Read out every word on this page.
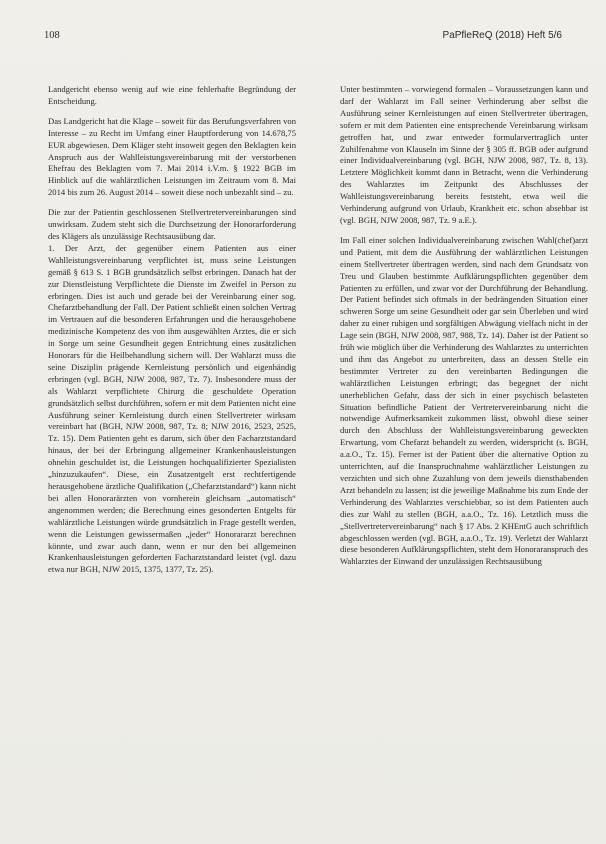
108	PaPfleReQ (2018) Heft 5/6

Landgericht ebenso wenig auf wie eine fehlerhafte Begründung der Entscheidung.

Das Landgericht hat die Klage – soweit für das Berufungsverfahren von Interesse – zu Recht im Umfang einer Hauptforderung von 14.678,75 EUR abgewiesen. Dem Kläger steht insoweit gegen den Beklagten kein Anspruch aus der Wahlleistungsvereinbarung mit der verstorbenen Ehefrau des Beklagten vom 7. Mai 2014 i.V.m. § 1922 BGB im Hinblick auf die wahlärztlichen Leistungen im Zeitraum vom 8. Mai 2014 bis zum 26. August 2014 – soweit diese noch unbezahlt sind – zu.

Die zur der Patientin geschlossenen Stellvertretervereinbarungen sind unwirksam. Zudem steht sich die Durchsetzung der Honorarforderung des Klägers als unzulässige Rechtsausübung dar.

1. Der Arzt, der gegenüber einem Patienten aus einer Wahlleistungsvereinbarung verpflichtet ist, muss seine Leistungen gemäß § 613 S. 1 BGB grundsätzlich selbst erbringen. Danach hat der zur Dienstleistung Verpflichtete die Dienste im Zweifel in Person zu erbringen. Dies ist auch und gerade bei der Vereinbarung einer sog. Chefarztbehandlung der Fall. Der Patient schließt einen solchen Vertrag im Vertrauen auf die besonderen Erfahrungen und die herausgehobene medizinische Kompetenz des von ihm ausgewählten Arztes, die er sich in Sorge um seine Gesundheit gegen Entrichtung eines zusätzlichen Honorars für die Heilbehandlung sichern will. Der Wahlarzt muss die seine Disziplin prägende Kernleistung persönlich und eigenhändig erbringen (vgl. BGH, NJW 2008, 987, Tz. 7). Insbesondere muss der als Wahlarzt verpflichtete Chirurg die geschuldete Operation grundsätzlich selbst durchführen, sofern er mit dem Patienten nicht eine Ausführung seiner Kernleistung durch einen Stellvertreter wirksam vereinbart hat (BGH, NJW 2008, 987, Tz. 8; NJW 2016, 2523, 2525, Tz. 15). Dem Patienten geht es darum, sich über den Facharztstandard hinaus, der bei der Erbringung allgemeiner Krankenhausleistungen ohnehin geschuldet ist, die Leistungen hochqualifizierter Spezialisten „hinzuzukaufen“. Diese, ein Zusatzentgelt erst rechtfertigende herausgehobene ärztliche Qualifikation („Chefarztstandard“) kann nicht bei allen Honorarärzten von vornherein gleichsam „automatisch“ angenommen werden; die Berechnung eines gesonderten Entgelts für wahlärztliche Leistungen würde grundsätzlich in Frage gestellt werden, wenn die Leistungen gewissermaßen „jeder“ Honorararzt berechnen könnte, und zwar auch dann, wenn er nur den bei allgemeinen Krankenhausleistungen geforderten Facharztstandard leistet (vgl. dazu etwa nur BGH, NJW 2015, 1375, 1377, Tz. 25).

Unter bestimmten – vorwiegend formalen – Voraussetzungen kann und darf der Wahlarzt im Fall seiner Verhinderung aber selbst die Ausführung seiner Kernleistungen auf einen Stellvertreter übertragen, sofern er mit dem Patienten eine entsprechende Vereinbarung wirksam getroffen hat, und zwar entweder formularvertraglich unter Zuhilfenahme von Klauseln im Sinne der § 305 ff. BGB oder aufgrund einer Individualvereinbarung (vgl. BGH, NJW 2008, 987, Tz. 8, 13). Letztere Möglichkeit kommt dann in Betracht, wenn die Verhinderung des Wahlarztes im Zeitpunkt des Abschlusses der Wahlleistungsvereinbarung bereits feststeht, etwa weil die Verhinderung aufgrund von Urlaub, Krankheit etc. schon absehbar ist (vgl. BGH, NJW 2008, 987, Tz. 9 a.E.).

Im Fall einer solchen Individualvereinbarung zwischen Wahl(chef)arzt und Patient, mit dem die Ausführung der wahlärztlichen Leistungen einem Stellvertreter übertragen werden, sind nach dem Grundsatz von Treu und Glauben bestimmte Aufklärungspflichten gegenüber dem Patienten zu erfüllen, und zwar vor der Durchführung der Behandlung. Der Patient befindet sich oftmals in der bedrängenden Situation einer schweren Sorge um seine Gesundheit oder gar sein Überleben und wird daher zu einer ruhigen und sorgfältigen Abwägung vielfach nicht in der Lage sein (BGH, NJW 2008, 987, 988, Tz. 14). Daher ist der Patient so früh wie möglich über die Verhinderung des Wahlarztes zu unterrichten und ihm das Angebot zu unterbreiten, dass an dessen Stelle ein bestimmter Vertreter zu den vereinbarten Bedingungen die wahlärztlichen Leistungen erbringt; das begegnet der nicht unerheblichen Gefahr, dass der sich in einer psychisch belasteten Situation befindliche Patient der Vertretervereinbarung nicht die notwendige Aufmerksamkeit zukommen lässt, obwohl diese seiner durch den Abschluss der Wahlleistungsvereinbarung geweckten Erwartung, vom Chefarzt behandelt zu werden, widerspricht (s. BGH, a.a.O., Tz. 15). Ferner ist der Patient über die alternative Option zu unterrichten, auf die Inanspruchnahme wahlärztlicher Leistungen zu verzichten und sich ohne Zuzahlung von dem jeweils diensthabenden Arzt behandeln zu lassen; ist die jeweilige Maßnahme bis zum Ende der Verhinderung des Wahlarztes verschiebbar, so ist dem Patienten auch dies zur Wahl zu stellen (BGH, a.a.O., Tz. 16). Letztlich muss die „Stellvertretervereinbarung“ nach § 17 Abs. 2 KHEntG auch schriftlich abgeschlossen werden (vgl. BGH, a.a.O., Tz. 19). Verletzt der Wahlarzt diese besonderen Aufklärungspflichten, steht dem Honoraranspruch des Wahlarztes der Einwand der unzulässigen Rechtsausübung
